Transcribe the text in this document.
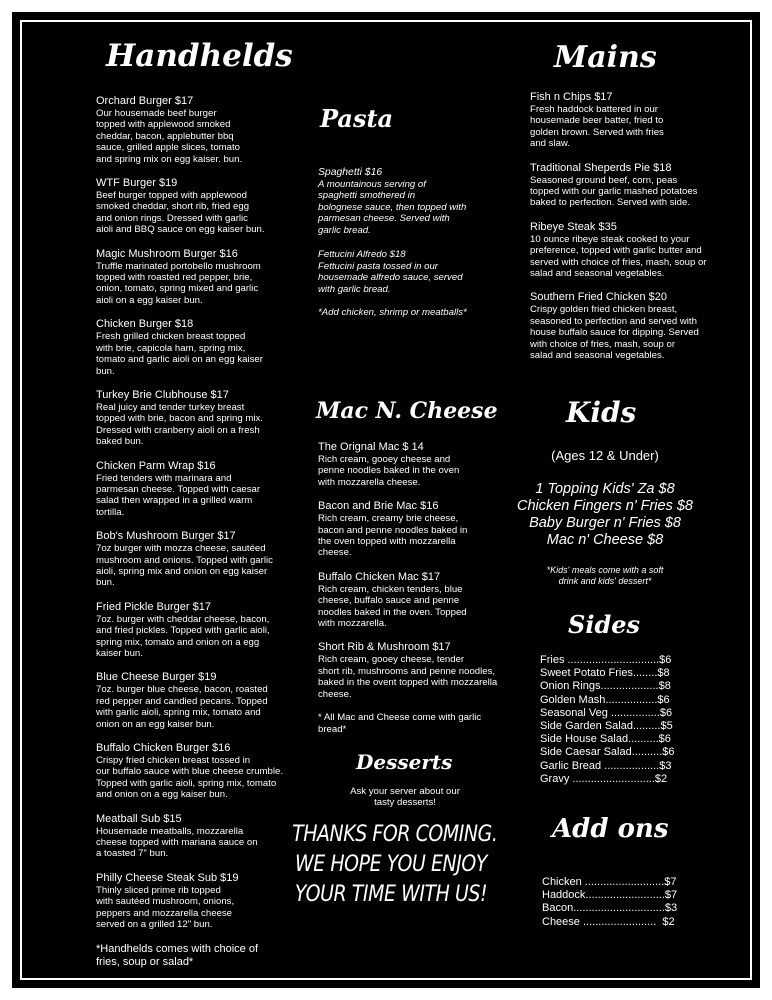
Handhelds
Orchard Burger $17
Our housemade beef burger
topped with applewood smoked
cheddar, bacon, applebutter bbq
sauce, grilled apple slices, tomato
and spring mix on egg kaiser. bun.
WTF Burger $19
Beef burger topped with applewood
smoked cheddar, short rib, fried egg
and onion rings. Dressed with garlic
aioli and BBQ sauce on egg kaiser bun.
Magic Mushroom Burger $16
Truffle marinated portobello mushroom
topped with roasted red pepper, brie,
onion, tomato, spring mixed and garlic
aioli on a egg kaiser bun.
Chicken Burger $18
Fresh grilled chicken breast topped
with brie, capicola ham, spring mix,
tomato and garlic aioli on an egg kaiser
bun.
Turkey Brie Clubhouse $17
Real juicy and tender turkey breast
topped with brie, bacon and spring mix.
Dressed with cranberry aioli on a fresh
baked bun.
Chicken Parm Wrap $16
Fried tenders with marinara and
parmesan cheese. Topped with caesar
salad then wrapped in a grilled warm
tortilla.
Bob's Mushroom Burger $17
7oz burger with mozza cheese, sautéed
mushroom and onions. Topped with garlic
aioli, spring mix and onion on egg kaiser
bun.
Fried Pickle Burger $17
7oz. burger with cheddar cheese, bacon,
and fried pickles. Topped with garlic aioli,
spring mix, tomato and onion on a egg
kaiser bun.
Blue Cheese Burger $19
7oz. burger blue cheese, bacon, roasted
red pepper and candied pecans. Topped
with garlic aioli, spring mix, tomato and
onion on an egg kaiser bun.
Buffalo Chicken Burger $16
Crispy fried chicken breast tossed in
our buffalo sauce with blue cheese crumble.
Topped with garlic aioli, spring mix, tomato
and onion on a egg kaiser bun.
Meatball Sub $15
Housemade meatballs, mozzarella
cheese topped with mariana sauce on
a toasted 7" bun.
Philly Cheese Steak Sub $19
Thinly sliced prime rib topped
with sautéed mushroom, onions,
peppers and mozzarella cheese
served on a grilled 12" bun.
*Handhelds comes with choice of
fries, soup or salad*
Pasta
Spaghetti $16
A mountainous serving of
spaghetti smothered in
bolognese sauce, then topped with
parmesan cheese. Served with
garlic bread.
Fettucini Alfredo $18
Fettucini pasta tossed in our
housemade alfredo sauce, served
with garlic bread.
*Add chicken, shrimp or meatballs*
Mac N. Cheese
The Orignal Mac $ 14
Rich cream, gooey cheese and
penne noodles baked in the oven
with mozzarella cheese.
Bacon and Brie Mac $16
Rich cream, creamy brie cheese,
bacon and penne noodles baked in
the oven topped with mozzarella
cheese.
Buffalo Chicken Mac $17
Rich cream, chicken tenders, blue
cheese, buffalo sauce and penne
noodles baked in the oven. Topped
with mozzarella.
Short Rib & Mushroom $17
Rich cream, gooey cheese, tender
short rib, mushrooms and penne noodles,
baked in the ovent topped with mozzarella
cheese.
* All Mac and Cheese come with garlic
bread*
Desserts
Ask your server about our
tasty desserts!
THANKS FOR COMING.
WE HOPE YOU ENJOY
YOUR TIME WITH US!
Mains
Fish n Chips $17
Fresh haddock battered in our
housemade beer batter, fried to
golden brown. Served with fries
and slaw.
Traditional Sheperds Pie $18
Seasoned ground beef, corn, peas
topped with our garlic mashed potatoes
baked to perfection. Served with side.
Ribeye Steak $35
10 ounce ribeye steak cooked to your
preference, topped with garlic butter and
served with choice of fries, mash, soup or
salad and seasonal vegetables.
Southern Fried Chicken $20
Crispy golden fried chicken breast,
seasoned to perfection and served with
house buffalo sauce for dipping. Served
with choice of fries, mash, soup or
salad and seasonal vegetables.
Kids
(Ages 12 & Under)
1 Topping Kids' Za $8
Chicken Fingers n' Fries $8
Baby Burger n' Fries $8
Mac n' Cheese $8
*Kids' meals come with a soft
drink and kids' dessert*
Sides
Fries ..............................$6
Sweet Potato Fries........$8
Onion Rings...................$8
Golden Mash.................$6
Seasonal Veg ................$6
Side Garden Salad.........$5
Side House Salad..........$6
Side Caesar Salad..........$6
Garlic Bread ..................$3
Gravy ...........................$2
Add ons
Chicken ..........................$7
Haddock..........................$7
Bacon..............................$3
Cheese ........................  $2
